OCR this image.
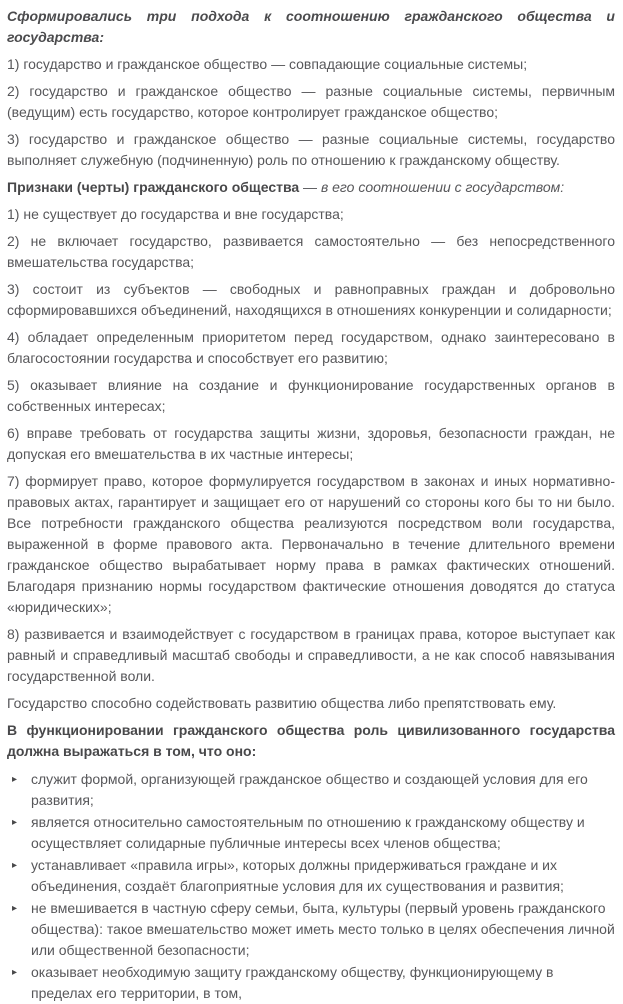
Сформировались три подхода к соотношению гражданского общества и государства:

1) государство и гражданское общество — совпадающие социальные системы;

2) государство и гражданское общество — разные социальные системы, первичным (ведущим) есть государство, которое контролирует гражданское общество;

3) государство и гражданское общество — разные социальные системы, государство выполняет служебную (подчиненную) роль по отношению к гражданскому обществу.

Признаки (черты) гражданского общества — в его соотношении с государством:

1) не существует до государства и вне государства;

2) не включает государство, развивается самостоятельно — без непосредственного вмешательства государства;

3) состоит из субъектов — свободных и равноправных граждан и добровольно сформировавшихся объединений, находящихся в отношениях конкуренции и солидарности;

4) обладает определенным приоритетом перед государством, однако заинтересовано в благосостоянии государства и способствует его развитию;

5) оказывает влияние на создание и функционирование государственных органов в собственных интересах;

6) вправе требовать от государства защиты жизни, здоровья, безопасности граждан, не допуская его вмешательства в их частные интересы;

7) формирует право, которое формулируется государством в законах и иных нормативно-правовых актах, гарантирует и защищает его от нарушений со стороны кого бы то ни было. Все потребности гражданского общества реализуются посредством воли государства, выраженной в форме правового акта. Первоначально в течение длительного времени гражданское общество вырабатывает норму права в рамках фактических отношений. Благодаря признанию нормы государством фактические отношения доводятся до статуса «юридических»;

8) развивается и взаимодействует с государством в границах права, которое выступает как равный и справедливый масштаб свободы и справедливости, а не как способ навязывания государственной воли.

Государство способно содействовать развитию общества либо препятствовать ему.

В функционировании гражданского общества роль цивилизованного государства должна выражаться в том, что оно:

▸ служит формой, организующей гражданское общество и создающей условия для его развития;
▸ является относительно самостоятельным по отношению к гражданскому обществу и осуществляет солидарные публичные интересы всех членов общества;
▸ устанавливает «правила игры», которых должны придерживаться граждане и их объединения, создаёт благоприятные условия для их существования и развития;
▸ не вмешивается в частную сферу семьи, быта, культуры (первый уровень гражданского общества): такое вмешательство может иметь место только в целях обеспечения личной или общественной безопасности;
▸ оказывает необходимую защиту гражданскому обществу, функционирующему в пределах его территории, в том,
